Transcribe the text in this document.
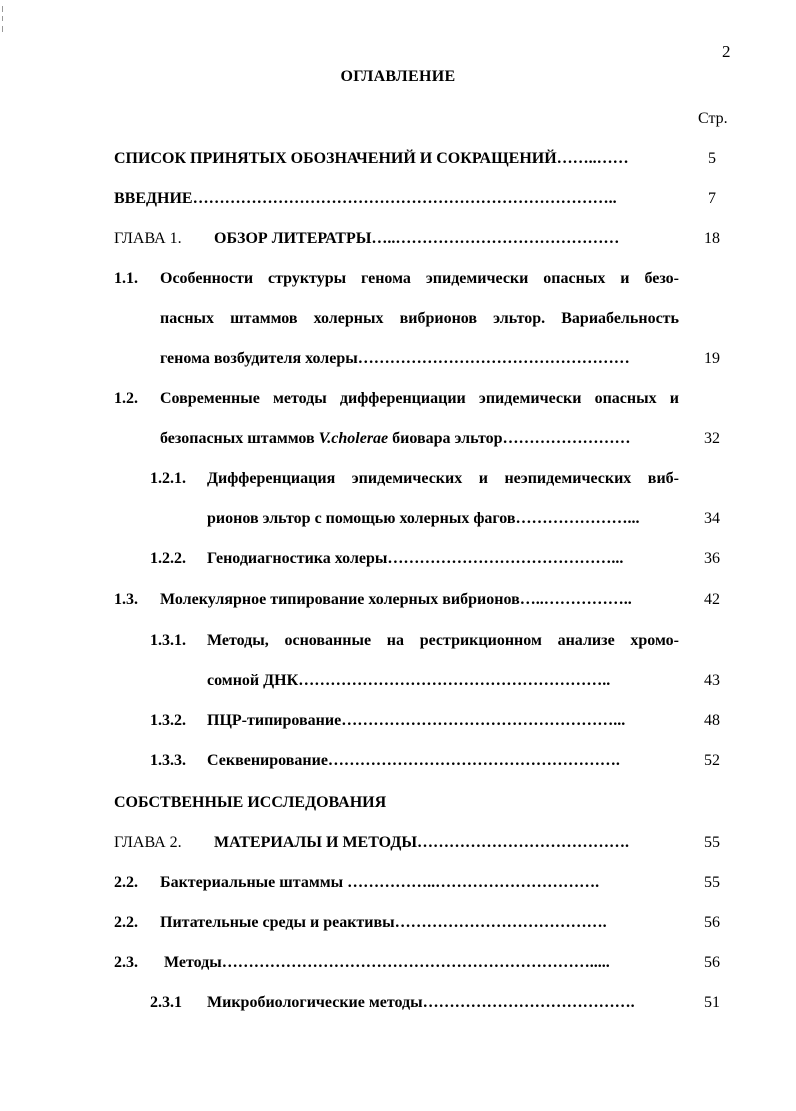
2
ОГЛАВЛЕНИЕ
Стр.
СПИСОК ПРИНЯТЫХ ОБОЗНАЧЕНИЙ И СОКРАЩЕНИЙ……..……	5
ВВЕДНИЕ……………………………………………………………………..	7
ГЛАВА 1. ОБЗОР ЛИТЕРАТРЫ…..……………………………………	18
1.1. Особенности структуры генома эпидемически опасных и безо-
пасных штаммов холерных вибрионов эльтор. Вариабельность
генома возбудителя холеры……………………………………………	19
1.2. Современные методы дифференциации эпидемически опасных и
безопасных штаммов V.cholerae биовара эльтор……………………	32
1.2.1. Дифференциация эпидемических и неэпидемических виб-
рионов эльтор с помощью холерных фагов…………………...	34
1.2.2. Генодиагностика холеры……………………………………...	36
1.3. Молекулярное типирование холерных вибрионов…..……………..	42
1.3.1. Методы, основанные на рестрикционном анализе хромо-
сомной ДНК…………………………………………………..	43
1.3.2. ПЦР-типирование……………………………………………...	48
1.3.3. Секвенирование……………………………………………….	52
СОБСТВЕННЫЕ ИССЛЕДОВАНИЯ
ГЛАВА 2. МАТЕРИАЛЫ И МЕТОДЫ………………………………….	55
2.2. Бактериальные штаммы ……………..………………………….	55
2.2. Питательные среды и реактивы………………………………….	56
2.3. Методы…………………………………………………………….....	56
2.3.1 Микробиологические методы………………………………….	51
